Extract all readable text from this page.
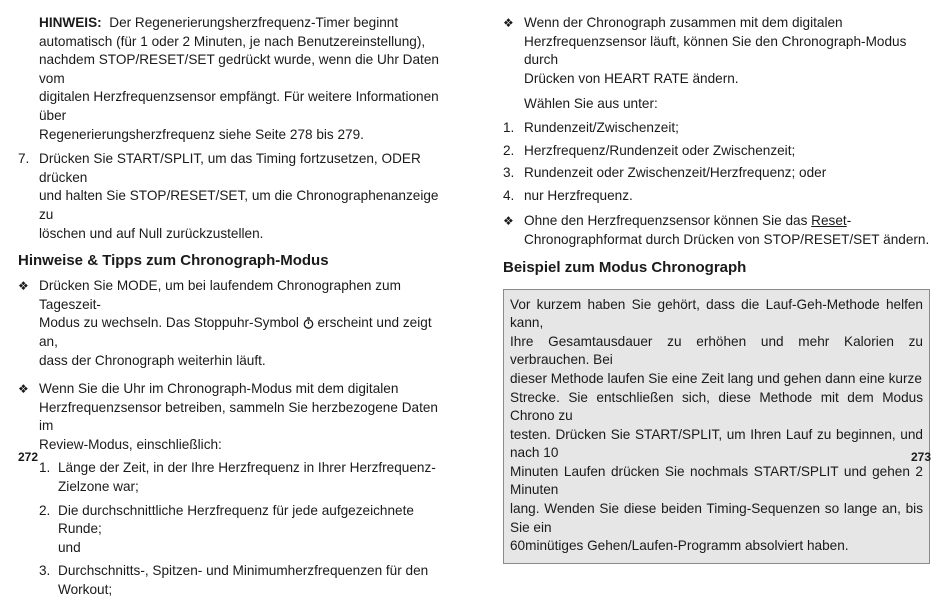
HINWEIS: Der Regenerierungsherzfrequenz-Timer beginnt

automatisch (für 1 oder 2 Minuten, je nach Benutzereinstellung),

nachdem STOP/RESET/SET gedrückt wurde, wenn die Uhr Daten vom

digitalen Herzfrequenzsensor empfängt. Für weitere Informationen über

Regenerierungsherzfrequenz siehe Seite 278 bis 279.

7. Drücken Sie START/SPLIT, um das Timing fortzusetzen, ODER drücken

und halten Sie STOP/RESET/SET, um die Chronographenanzeige zu

löschen und auf Null zurückzustellen.

Hinweise & Tipps zum Chronograph-Modus

❖ Drücken Sie MODE, um bei laufendem Chronographen zum Tageszeit-

Modus zu wechseln. Das Stoppuhr-Symbol erscheint und zeigt an,

dass der Chronograph weiterhin läuft.

❖ Wenn Sie die Uhr im Chronograph-Modus mit dem digitalen

Herzfrequenzsensor betreiben, sammeln Sie herzbezogene Daten im

Review-Modus, einschließlich:

1. Länge der Zeit, in der Ihre Herzfrequenz in Ihrer Herzfrequenz-

Zielzone war;

2. Die durchschnittliche Herzfrequenz für jede aufgezeichnete Runde;

und

3. Durchschnitts-, Spitzen- und Minimumherzfrequenzen für den

Workout;

272
❖ Wenn der Chronograph zusammen mit dem digitalen

Herzfrequenzsensor läuft, können Sie den Chronograph-Modus durch

Drücken von HEART RATE ändern.

Wählen Sie aus unter:

1. Rundenzeit/Zwischenzeit;

2. Herzfrequenz/Rundenzeit oder Zwischenzeit;

3. Rundenzeit oder Zwischenzeit/Herzfrequenz; oder

4. nur Herzfrequenz.

❖ Ohne den Herzfrequenzsensor können Sie das Reset-

Chronographformat durch Drücken von STOP/RESET/SET ändern.

Beispiel zum Modus Chronograph

Vor kurzem haben Sie gehört, dass die Lauf-Geh-Methode helfen kann,

Ihre Gesamtausdauer zu erhöhen und mehr Kalorien zu verbrauchen. Bei

dieser Methode laufen Sie eine Zeit lang und gehen dann eine kurze

Strecke. Sie entschließen sich, diese Methode mit dem Modus Chrono zu

testen. Drücken Sie START/SPLIT, um Ihren Lauf zu beginnen, und nach 10

Minuten Laufen drücken Sie nochmals START/SPLIT und gehen 2 Minuten

lang. Wenden Sie diese beiden Timing-Sequenzen so lange an, bis Sie ein

60minütiges Gehen/Laufen-Programm absolviert haben.

273
